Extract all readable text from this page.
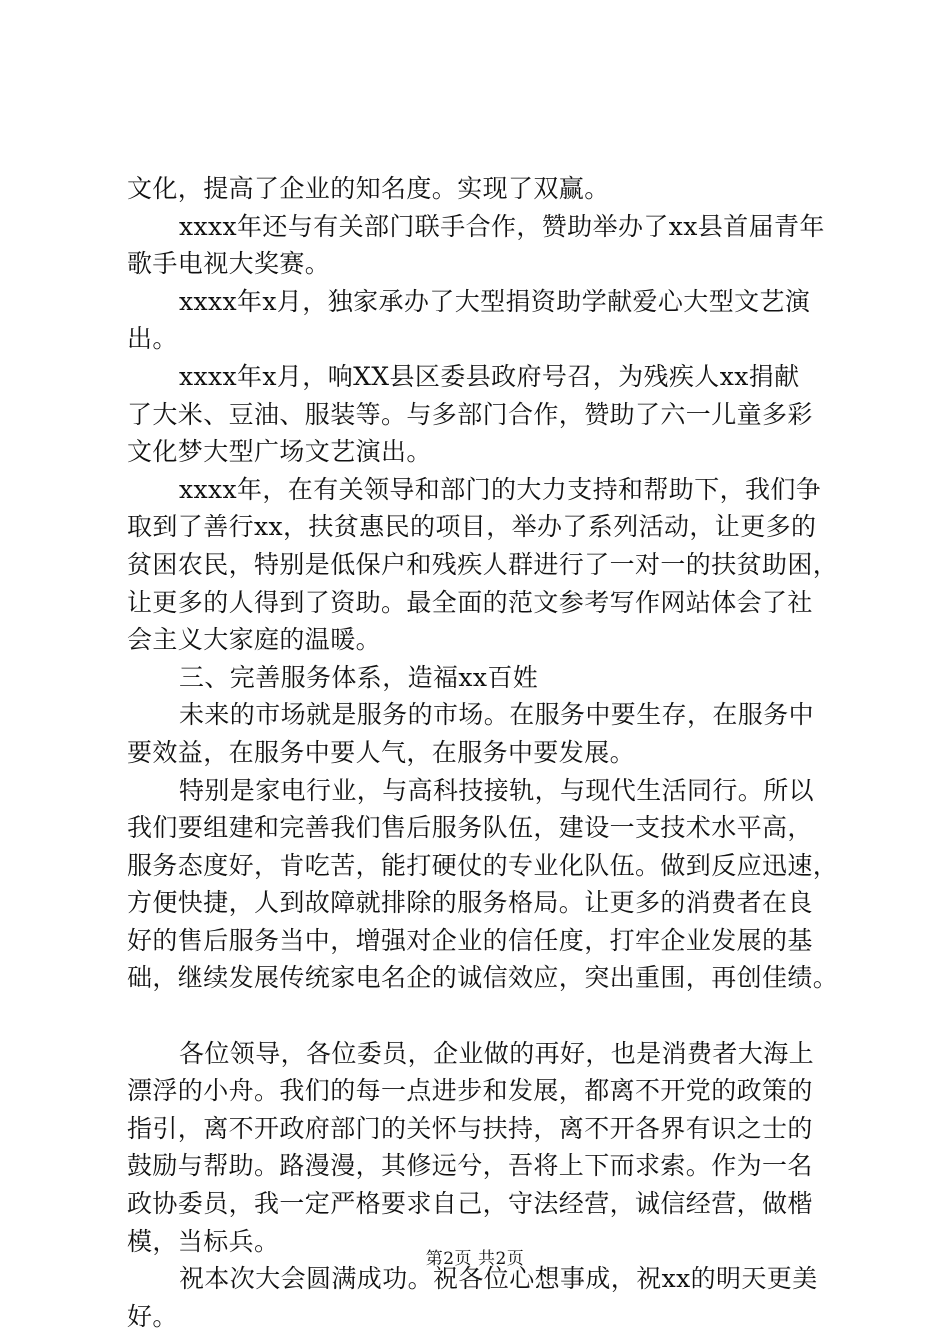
文化，提高了企业的知名度。实现了双赢。
xxxx年还与有关部门联手合作，赞助举办了xx县首届青年
歌手电视大奖赛。
xxxx年x月，独家承办了大型捐资助学献爱心大型文艺演
出。
xxxx年x月，响XX县区委县政府号召，为残疾人xx捐献
了大米、豆油、服装等。与多部门合作，赞助了六一儿童多彩
文化梦大型广场文艺演出。
xxxx年，在有关领导和部门的大力支持和帮助下，我们争
取到了善行xx，扶贫惠民的项目，举办了系列活动，让更多的
贫困农民，特别是低保户和残疾人群进行了一对一的扶贫助困，
让更多的人得到了资助。最全面的范文参考写作网站体会了社
会主义大家庭的温暖。
三、完善服务体系，造福xx百姓
未来的市场就是服务的市场。在服务中要生存，在服务中
要效益，在服务中要人气，在服务中要发展。
特别是家电行业，与高科技接轨，与现代生活同行。所以
我们要组建和完善我们售后服务队伍，建设一支技术水平高，
服务态度好，肯吃苦，能打硬仗的专业化队伍。做到反应迅速，
方便快捷，人到故障就排除的服务格局。让更多的消费者在良
好的售后服务当中，增强对企业的信任度，打牢企业发展的基
础，继续发展传统家电名企的诚信效应，突出重围，再创佳绩。
各位领导，各位委员，企业做的再好，也是消费者大海上
漂浮的小舟。我们的每一点进步和发展，都离不开党的政策的
指引，离不开政府部门的关怀与扶持，离不开各界有识之士的
鼓励与帮助。路漫漫，其修远兮，吾将上下而求索。作为一名
政协委员，我一定严格要求自己，守法经营，诚信经营，做楷
模，当标兵。
祝本次大会圆满成功。祝各位心想事成，祝xx的明天更美
好。
第2页 共2页
